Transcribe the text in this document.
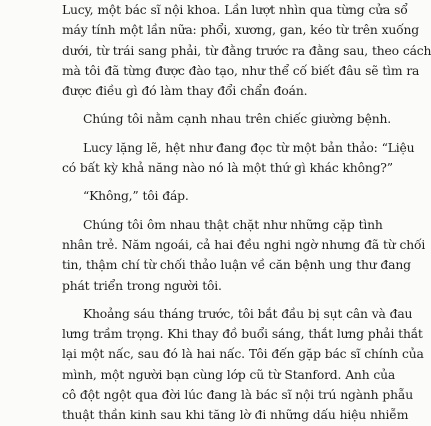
Lucy, một bác sĩ nội khoa. Lần lượt nhìn qua từng cửa sổ
máy tính một lần nữa: phổi, xương, gan, kéo từ trên xuống
dưới, từ trái sang phải, từ đằng trước ra đằng sau, theo cách
mà tôi đã từng được đào tạo, như thể cố biết đâu sẽ tìm ra
được điều gì đó làm thay đổi chẩn đoán.
Chúng tôi nằm cạnh nhau trên chiếc giường bệnh.
Lucy lặng lẽ, hệt như đang đọc từ một bản thảo: “Liệu
có bất kỳ khả năng nào nó là một thứ gì khác không?”
“Không,” tôi đáp.
Chúng tôi ôm nhau thật chặt như những cặp tình
nhân trẻ. Năm ngoái, cả hai đều nghi ngờ nhưng đã từ chối
tin, thậm chí từ chối thảo luận về căn bệnh ung thư đang
phát triển trong người tôi.
Khoảng sáu tháng trước, tôi bắt đầu bị sụt cân và đau
lưng trầm trọng. Khi thay đồ buổi sáng, thắt lưng phải thắt
lại một nấc, sau đó là hai nấc. Tôi đến gặp bác sĩ chính của
mình, một người bạn cùng lớp cũ từ Stanford. Anh của
cô đột ngột qua đời lúc đang là bác sĩ nội trú ngành phẫu
thuật thần kinh sau khi tăng lờ đi những dấu hiệu nhiễm
